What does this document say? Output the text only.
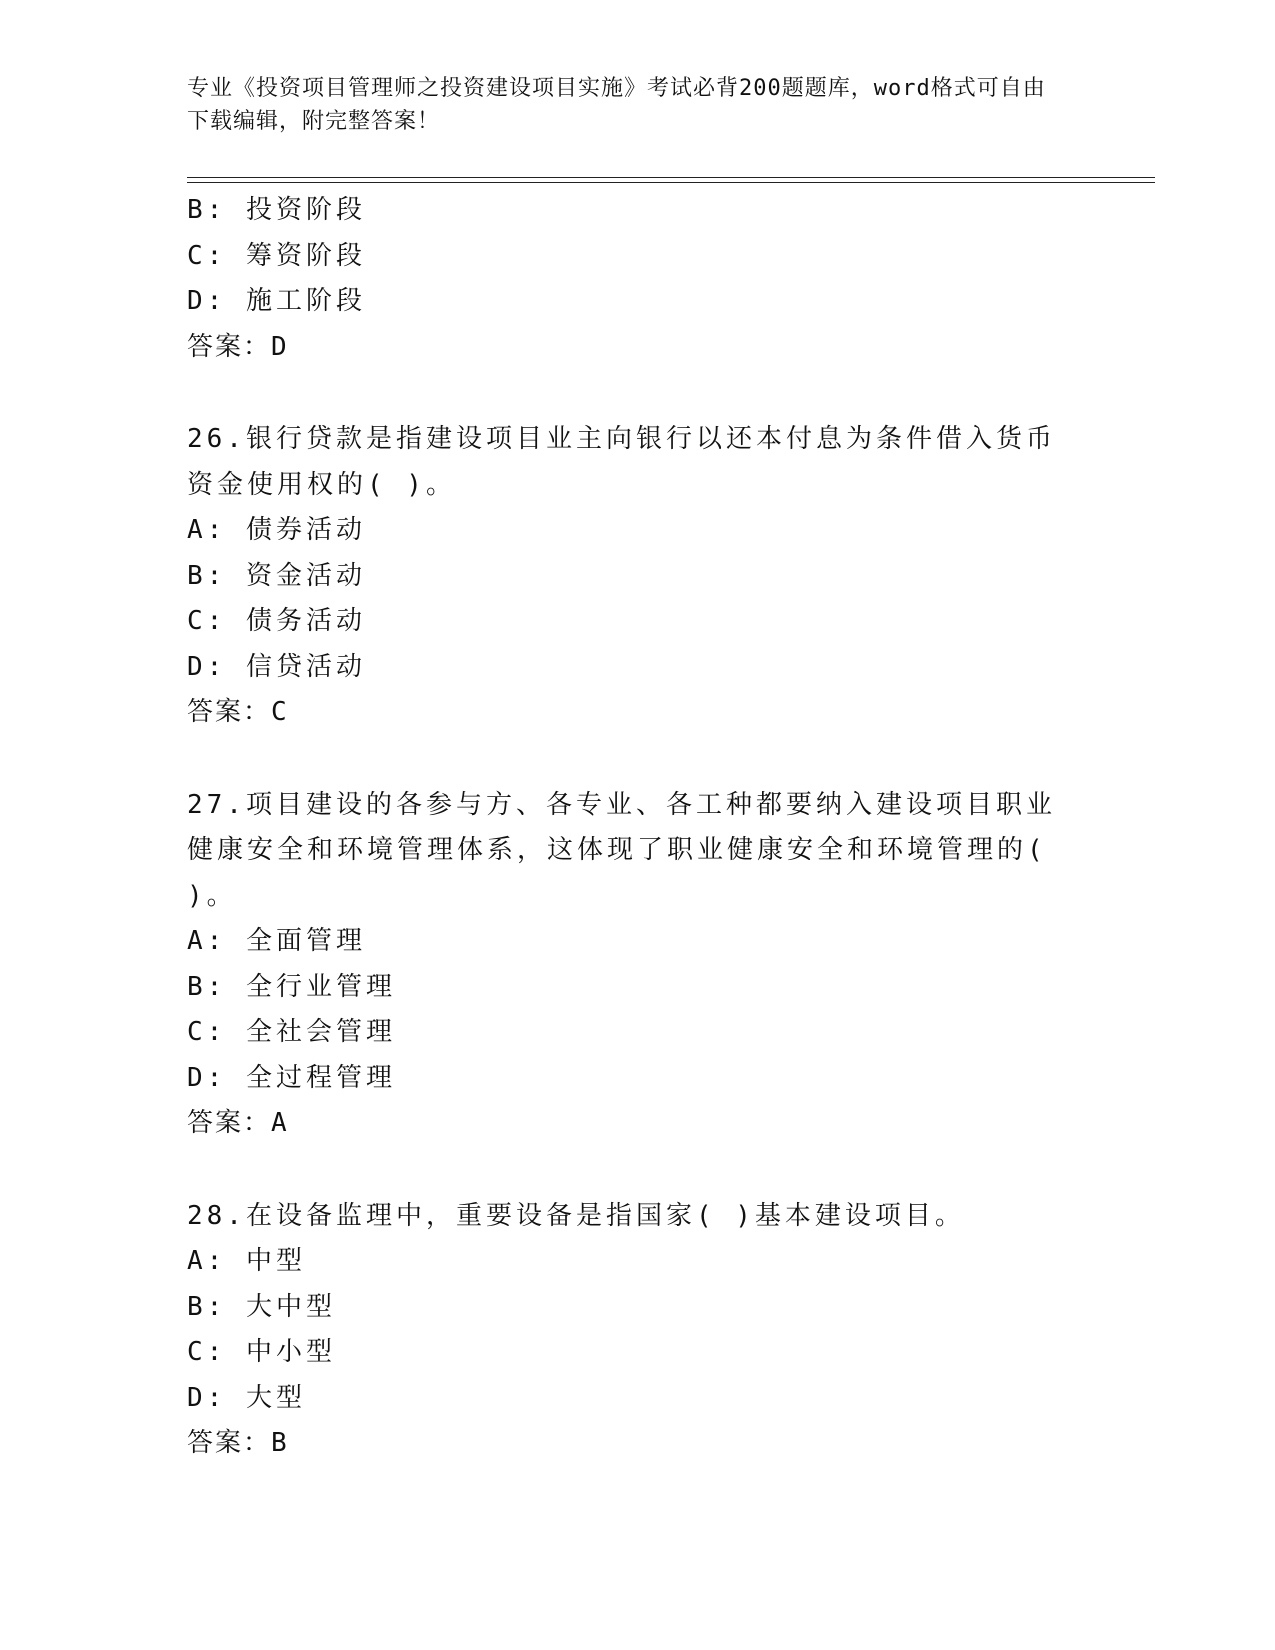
专业《投资项目管理师之投资建设项目实施》考试必背200题题库，word格式可自由下载编辑，附完整答案！
B: 投资阶段
C: 筹资阶段
D: 施工阶段
答案：D
26.银行贷款是指建设项目业主向银行以还本付息为条件借入货币资金使用权的( )。
A: 债券活动
B: 资金活动
C: 债务活动
D: 信贷活动
答案：C
27.项目建设的各参与方、各专业、各工种都要纳入建设项目职业健康安全和环境管理体系，这体现了职业健康安全和环境管理的( )。
A: 全面管理
B: 全行业管理
C: 全社会管理
D: 全过程管理
答案：A
28.在设备监理中，重要设备是指国家( )基本建设项目。
A: 中型
B: 大中型
C: 中小型
D: 大型
答案：B
